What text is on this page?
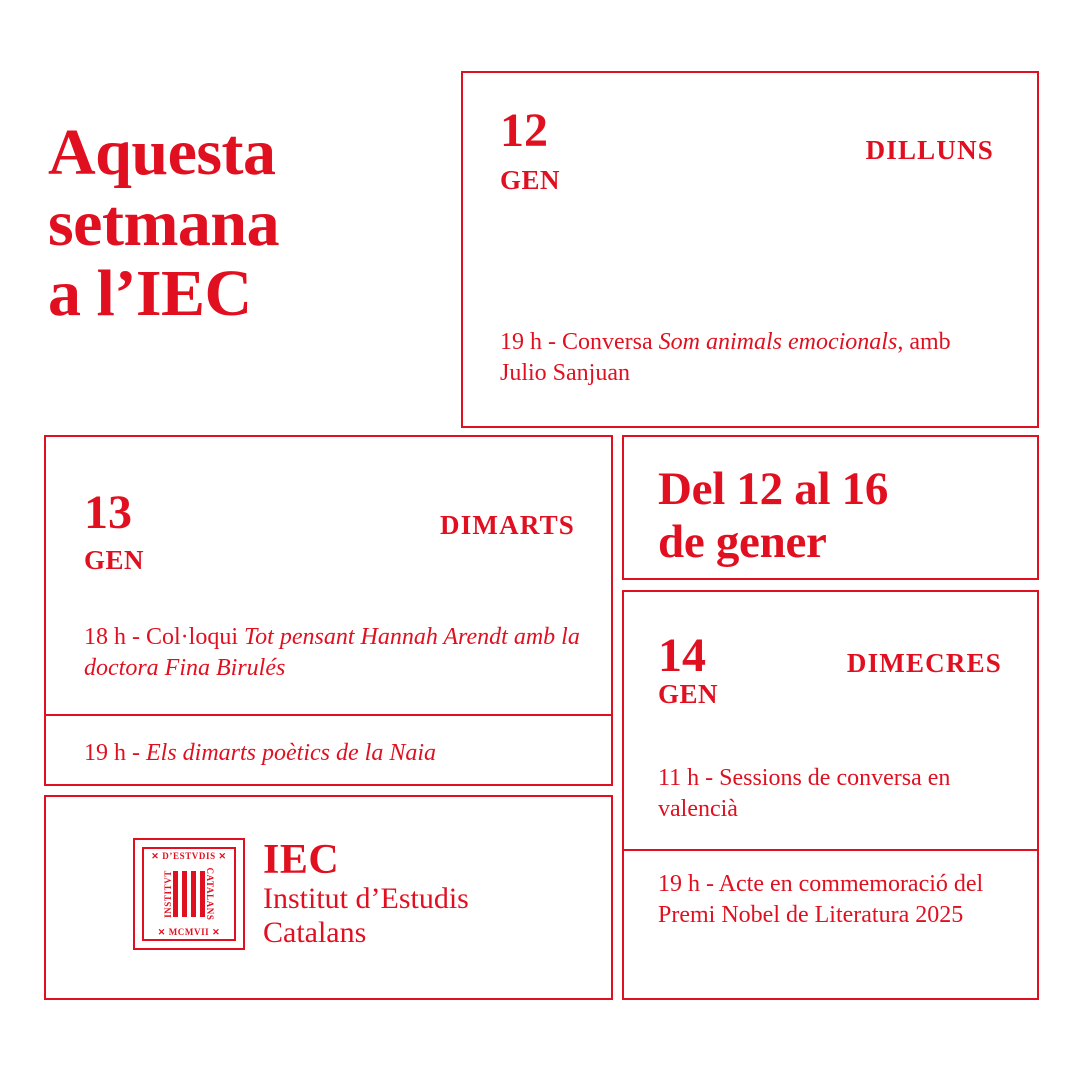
Aquesta
setmana
a l’IEC
12
GEN
DILLUNS
19 h - Conversa Som animals emocionals, amb Julio Sanjuan
13
GEN
DIMARTS
18 h - Col·loqui Tot pensant Hannah Arendt amb la doctora Fina Birulés
19 h - Els dimarts poètics de la Naia
Del 12 al 16
de gener
14
GEN
DIMECRES
11 h - Sessions de conversa en valencià
19 h - Acte en commemoració del Premi Nobel de Literatura 2025
✕ D’ESTVDIS ✕
✕ MCMVII ✕
INSTITVT	CATALANS
IEC
Institut d’Estudis
Catalans
